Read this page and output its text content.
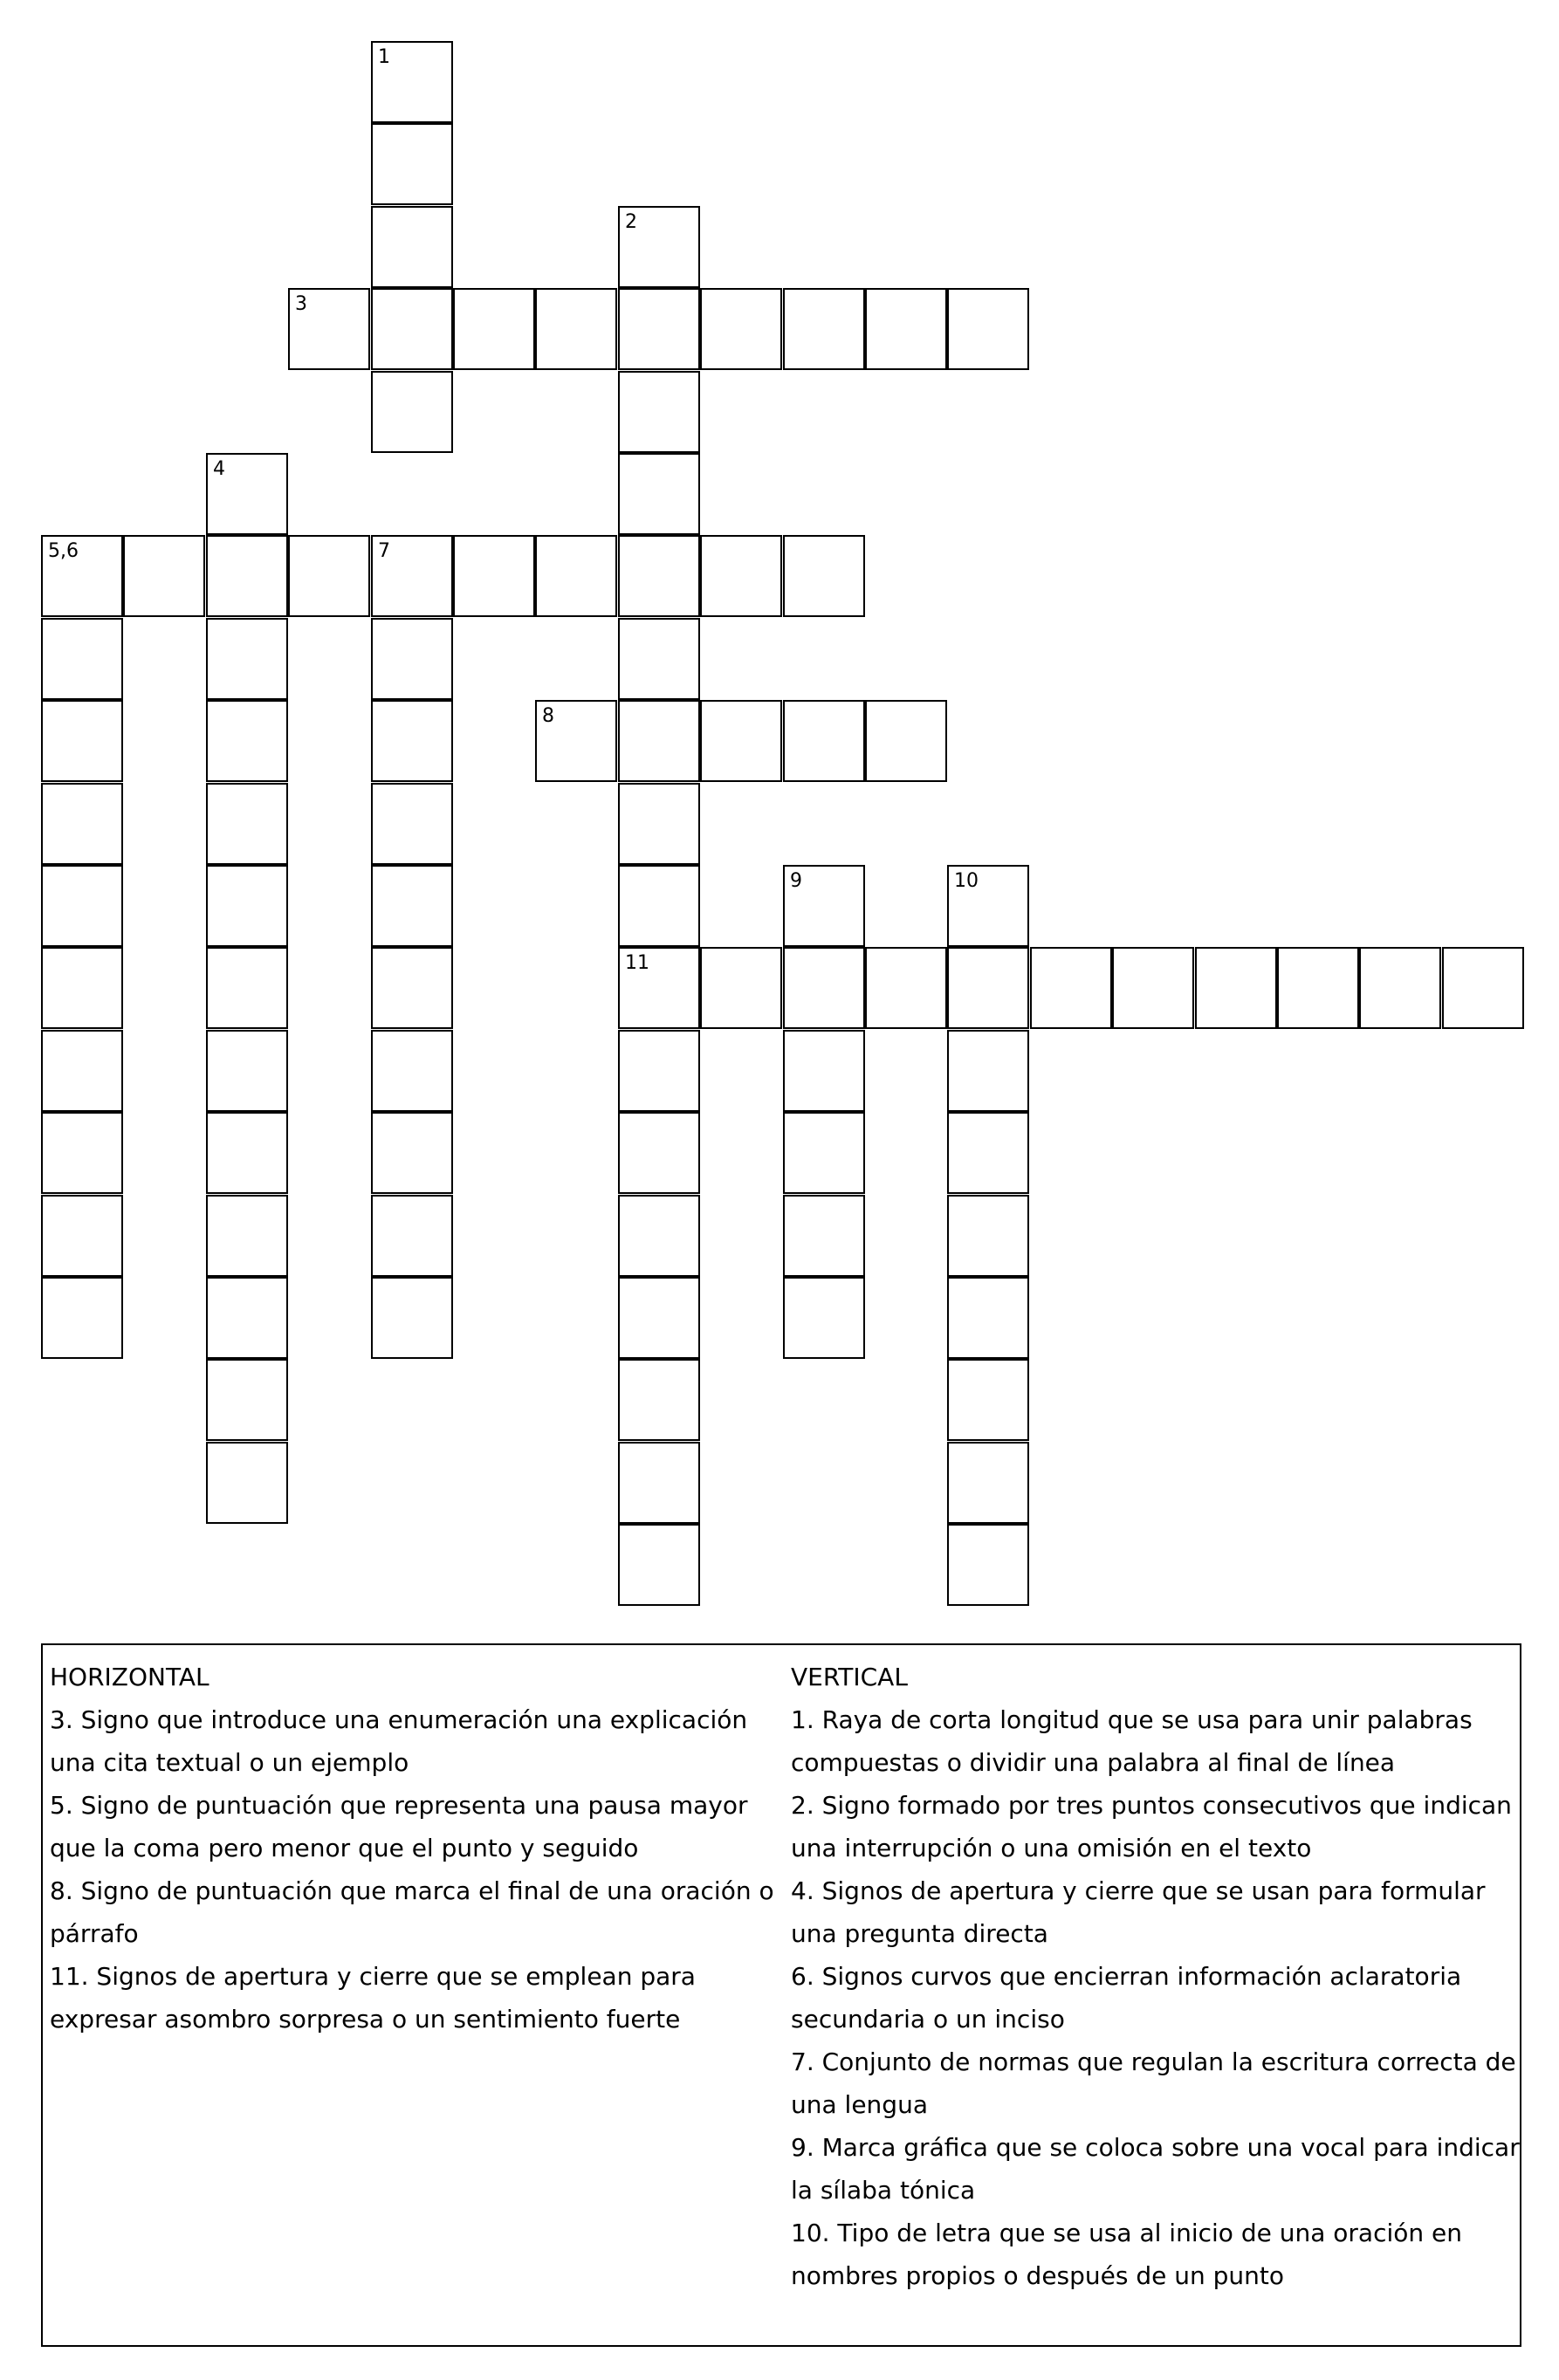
1
2
3
4
5,6	7
8
9	10
11
HORIZONTAL

3. Signo que introduce una enumeración una explicación una cita textual o un ejemplo

5. Signo de puntuación que representa una pausa mayor que la coma pero menor que el punto y seguido

8. Signo de puntuación que marca el final de una oración o párrafo

11. Signos de apertura y cierre que se emplean para expresar asombro sorpresa o un sentimiento fuerte

VERTICAL

1. Raya de corta longitud que se usa para unir palabras compuestas o dividir una palabra al final de línea

2. Signo formado por tres puntos consecutivos que indican una interrupción o una omisión en el texto

4. Signos de apertura y cierre que se usan para formular una pregunta directa

6. Signos curvos que encierran información aclaratoria secundaria o un inciso

7. Conjunto de normas que regulan la escritura correcta de una lengua

9. Marca gráfica que se coloca sobre una vocal para indicar la sílaba tónica

10. Tipo de letra que se usa al inicio de una oración en nombres propios o después de un punto
